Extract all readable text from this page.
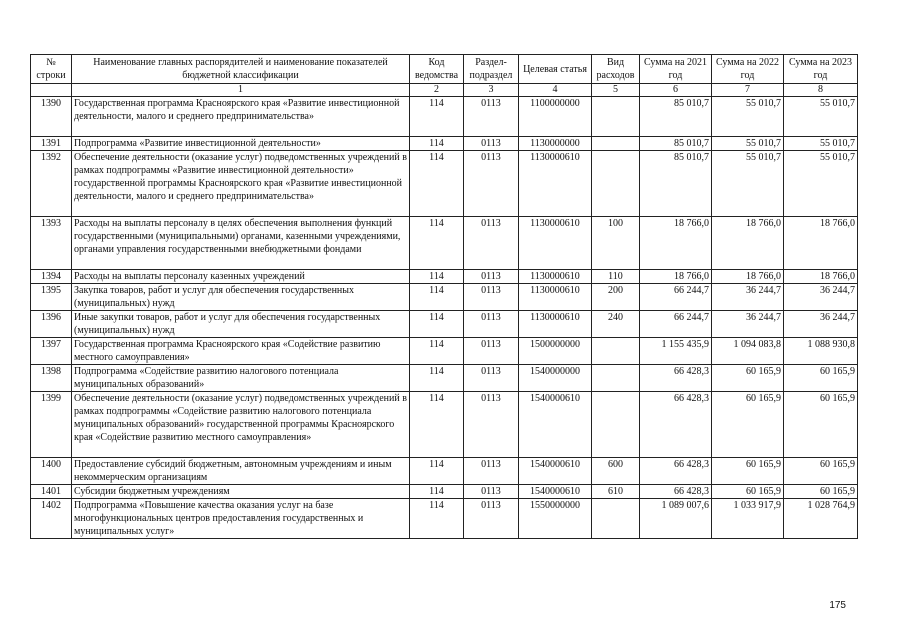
№ строки	Наименование главных распорядителей и наименование показателей бюджетной классификации	Код ведомства	Раздел-подраздел	Целевая статья	Вид расходов	Сумма на 2021 год	Сумма на 2022 год	Сумма на 2023 год
	1	2	3	4	5	6	7	8
1390	Государственная программа Красноярского края «Развитие инвестиционной деятельности, малого и среднего предпринимательства»	114	0113	1100000000		85 010,7	55 010,7	55 010,7
1391	Подпрограмма «Развитие инвестиционной деятельности»	114	0113	1130000000		85 010,7	55 010,7	55 010,7
1392	Обеспечение деятельности (оказание услуг) подведомственных учреждений в рамках подпрограммы «Развитие инвестиционной деятельности» государственной программы Красноярского края «Развитие инвестиционной деятельности, малого и среднего предпринимательства»	114	0113	1130000610		85 010,7	55 010,7	55 010,7
1393	Расходы на выплаты персоналу в целях обеспечения выполнения функций государственными (муниципальными) органами, казенными учреждениями, органами управления государственными внебюджетными фондами	114	0113	1130000610	100	18 766,0	18 766,0	18 766,0
1394	Расходы на выплаты персоналу казенных учреждений	114	0113	1130000610	110	18 766,0	18 766,0	18 766,0
1395	Закупка товаров, работ и услуг для обеспечения государственных (муниципальных) нужд	114	0113	1130000610	200	66 244,7	36 244,7	36 244,7
1396	Иные закупки товаров, работ и услуг для обеспечения государственных (муниципальных) нужд	114	0113	1130000610	240	66 244,7	36 244,7	36 244,7
1397	Государственная программа Красноярского края «Содействие развитию местного самоуправления»	114	0113	1500000000		1 155 435,9	1 094 083,8	1 088 930,8
1398	Подпрограмма «Содействие развитию налогового потенциала муниципальных образований»	114	0113	1540000000		66 428,3	60 165,9	60 165,9
1399	Обеспечение деятельности (оказание услуг) подведомственных учреждений в рамках подпрограммы «Содействие развитию налогового потенциала муниципальных образований» государственной программы Красноярского края «Содействие развитию местного самоуправления»	114	0113	1540000610		66 428,3	60 165,9	60 165,9
1400	Предоставление субсидий бюджетным, автономным учреждениям и иным некоммерческим организациям	114	0113	1540000610	600	66 428,3	60 165,9	60 165,9
1401	Субсидии бюджетным учреждениям	114	0113	1540000610	610	66 428,3	60 165,9	60 165,9
1402	Подпрограмма «Повышение качества оказания услуг на базе многофункциональных центров предоставления государственных и муниципальных услуг»	114	0113	1550000000		1 089 007,6	1 033 917,9	1 028 764,9
175
